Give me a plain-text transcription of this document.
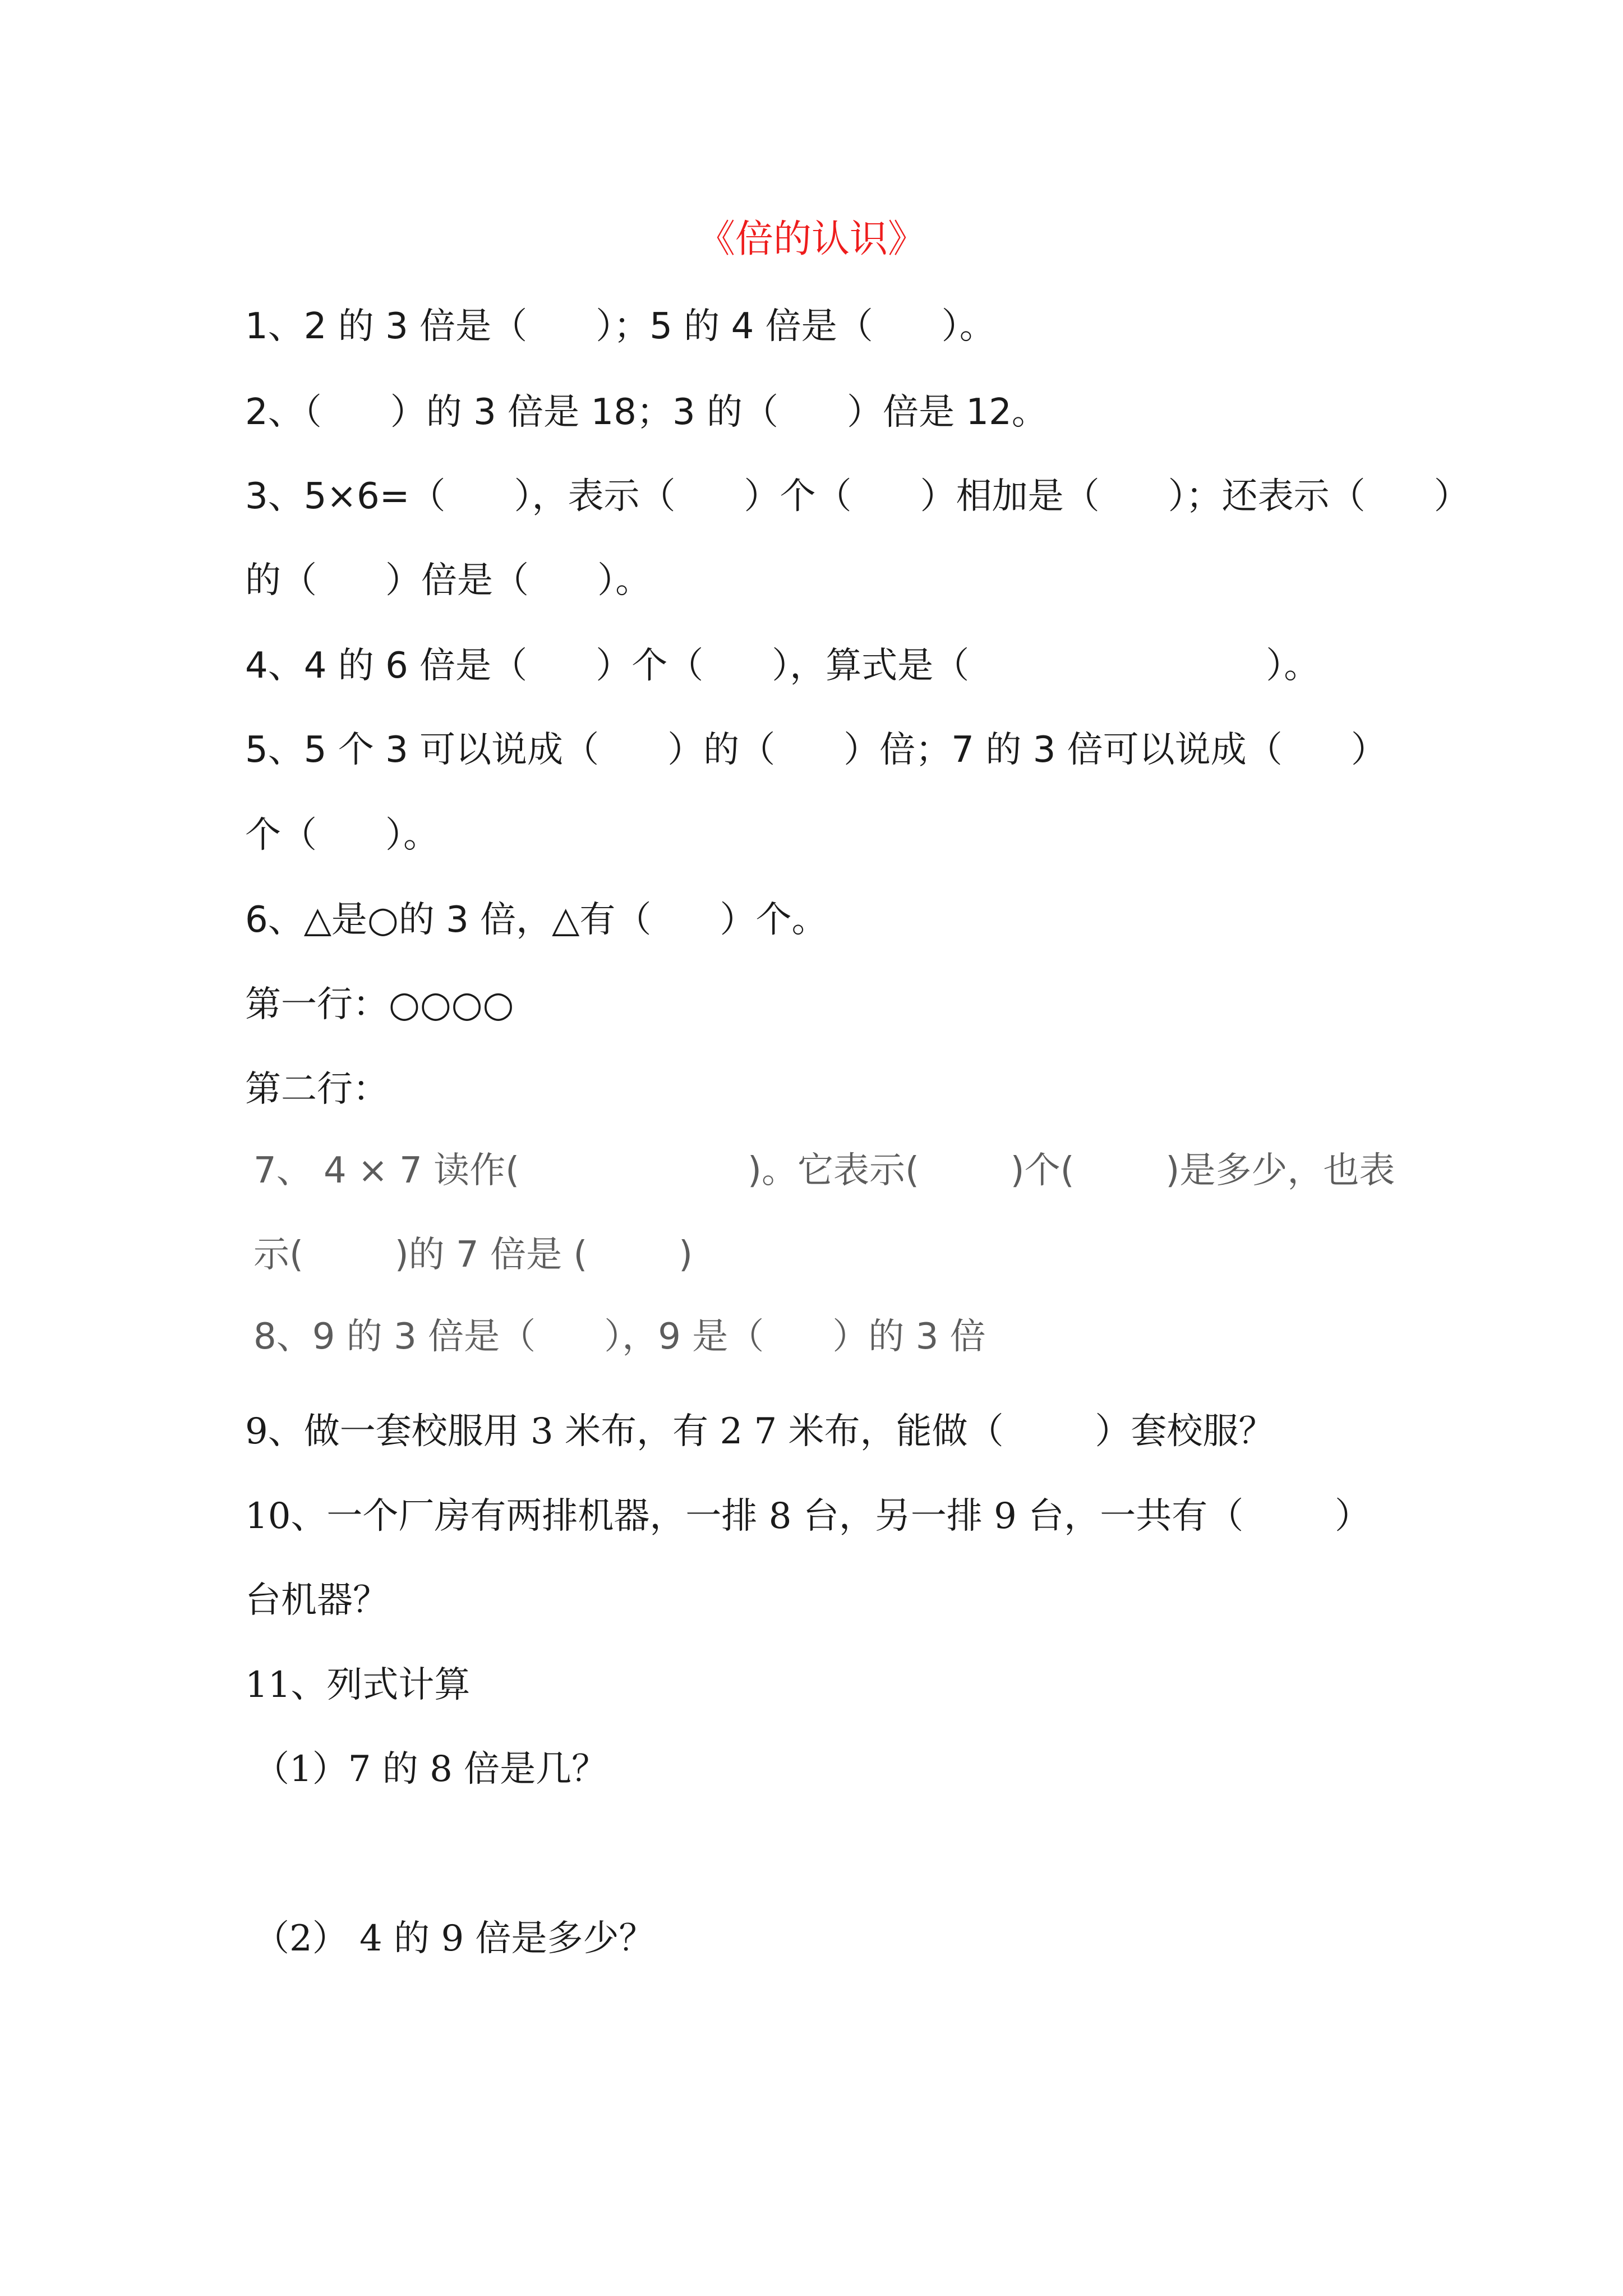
《倍的认识》
1、2 的 3 倍是（      ）；5 的 4 倍是（      ）。
2、（      ）的 3 倍是 18；3 的（      ）倍是 12。
3、5×6=（      ），表示（      ）个（      ）相加是（      ）；还表示（      ）
的（      ）倍是（      ）。
4、4 的 6 倍是（      ）个（      ），算式是（                          ）。
5、5 个 3 可以说成（      ）的（      ）倍；7 的 3 倍可以说成（      ）
个（      ）。
6、△是○的 3 倍，△有（      ）个。
第一行：○○○○
第二行：
7、 4 × 7 读作(                    )。它表示(        )个(        )是多少，也表
示(        )的 7 倍是 (        )
8、9 的 3 倍是（      ），9 是（      ）的 3 倍
9、做一套校服用 3 米布，有 2 7 米布，能做（        ）套校服？
10、一个厂房有两排机器，一排 8 台，另一排 9 台，一共有（        ）
台机器？
11、列式计算
（1）7 的 8 倍是几？
（2） 4 的 9 倍是多少？
